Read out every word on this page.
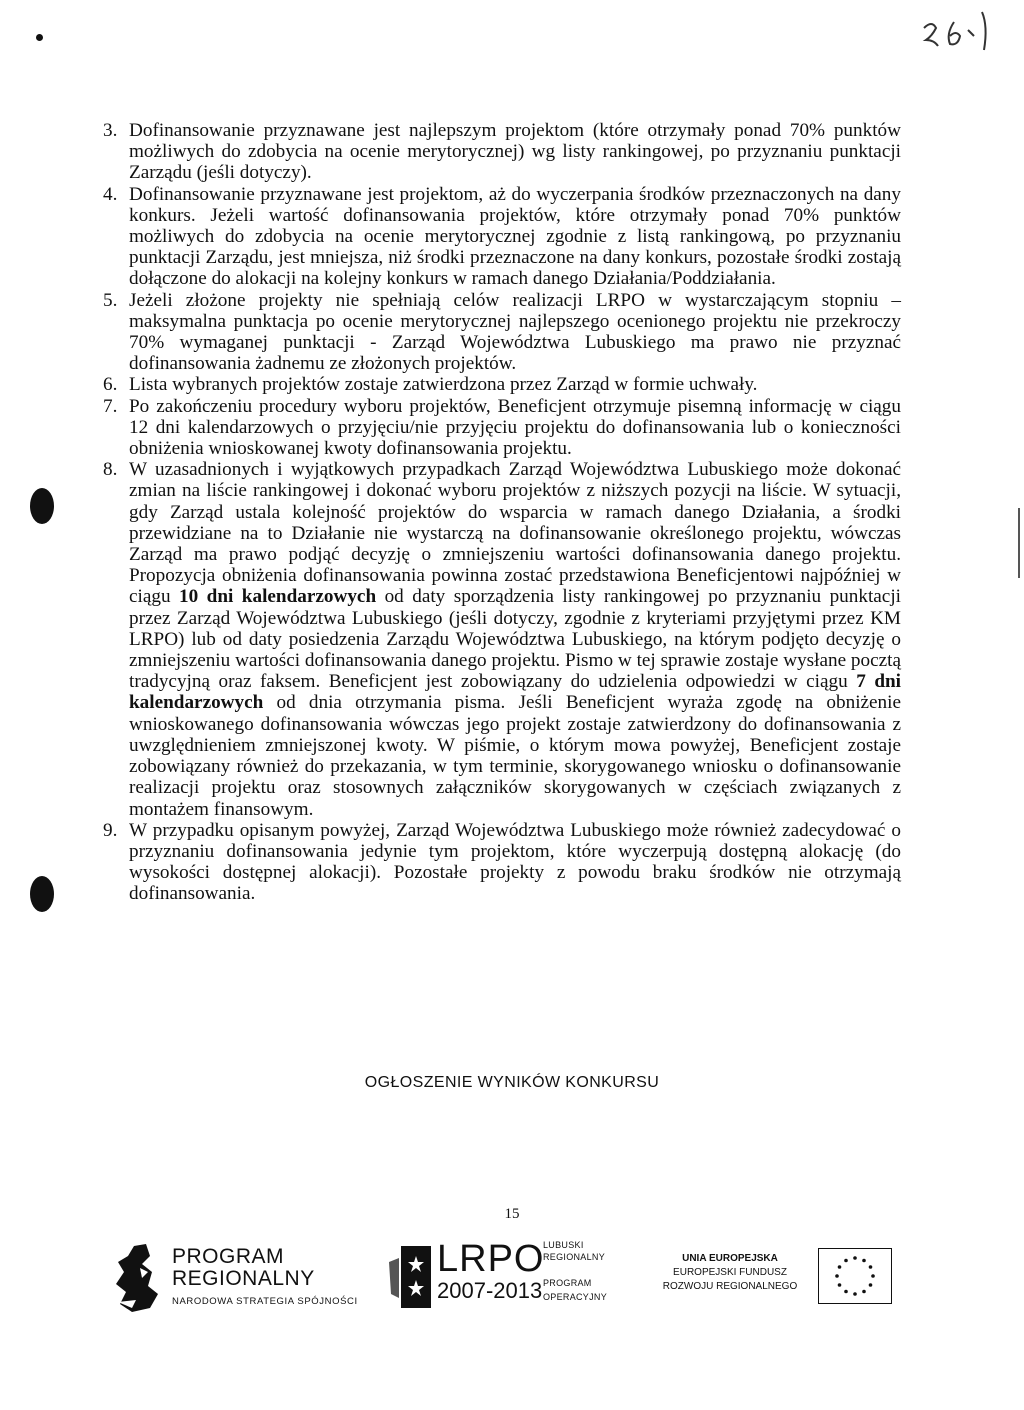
3. Dofinansowanie przyznawane jest najlepszym projektom (które otrzymały ponad 70% punktów możliwych do zdobycia na ocenie merytorycznej) wg listy rankingowej, po przyznaniu punktacji Zarządu (jeśli dotyczy).
4. Dofinansowanie przyznawane jest projektom, aż do wyczerpania środków przeznaczonych na dany konkurs. Jeżeli wartość dofinansowania projektów, które otrzymały ponad 70% punktów możliwych do zdobycia na ocenie merytorycznej zgodnie z listą rankingową, po przyznaniu punktacji Zarządu, jest mniejsza, niż środki przeznaczone na dany konkurs, pozostałe środki zostają dołączone do alokacji na kolejny konkurs w ramach danego Działania/Poddziałania.
5. Jeżeli złożone projekty nie spełniają celów realizacji LRPO w wystarczającym stopniu – maksymalna punktacja po ocenie merytorycznej najlepszego ocenionego projektu nie przekroczy 70% wymaganej punktacji - Zarząd Województwa Lubuskiego ma prawo nie przyznać dofinansowania żadnemu ze złożonych projektów.
6. Lista wybranych projektów zostaje zatwierdzona przez Zarząd w formie uchwały.
7. Po zakończeniu procedury wyboru projektów, Beneficjent otrzymuje pisemną informację w ciągu 12 dni kalendarzowych o przyjęciu/nie przyjęciu projektu do dofinansowania lub o konieczności obniżenia wnioskowanej kwoty dofinansowania projektu.
8. W uzasadnionych i wyjątkowych przypadkach Zarząd Województwa Lubuskiego może dokonać zmian na liście rankingowej i dokonać wyboru projektów z niższych pozycji na liście. W sytuacji, gdy Zarząd ustala kolejność projektów do wsparcia w ramach danego Działania, a środki przewidziane na to Działanie nie wystarczą na dofinansowanie określonego projektu, wówczas Zarząd ma prawo podjąć decyzję o zmniejszeniu wartości dofinansowania danego projektu. Propozycja obniżenia dofinansowania powinna zostać przedstawiona Beneficjentowi najpóźniej w ciągu 10 dni kalendarzowych od daty sporządzenia listy rankingowej po przyznaniu punktacji przez Zarząd Województwa Lubuskiego (jeśli dotyczy, zgodnie z kryteriami przyjętymi przez KM LRPO) lub od daty posiedzenia Zarządu Województwa Lubuskiego, na którym podjęto decyzję o zmniejszeniu wartości dofinansowania danego projektu. Pismo w tej sprawie zostaje wysłane pocztą tradycyjną oraz faksem. Beneficjent jest zobowiązany do udzielenia odpowiedzi w ciągu 7 dni kalendarzowych od dnia otrzymania pisma. Jeśli Beneficjent wyraża zgodę na obniżenie wnioskowanego dofinansowania wówczas jego projekt zostaje zatwierdzony do dofinansowania z uwzględnieniem zmniejszonej kwoty. W piśmie, o którym mowa powyżej, Beneficjent zostaje zobowiązany również do przekazania, w tym terminie, skorygowanego wniosku o dofinansowanie realizacji projektu oraz stosownych załączników skorygowanych w częściach związanych z montażem finansowym.
9. W przypadku opisanym powyżej, Zarząd Województwa Lubuskiego może również zadecydować o przyznaniu dofinansowania jedynie tym projektom, które wyczerpują dostępną alokację (do wysokości dostępnej alokacji). Pozostałe projekty z powodu braku środków nie otrzymają dofinansowania.
OGŁOSZENIE WYNIKÓW KONKURSU
15
PROGRAM
REGIONALNY
NARODOWA STRATEGIA SPÓJNOŚCI
LRPO
2007-2013
LUBUSKI
REGIONALNY
PROGRAM
OPERACYJNY
UNIA EUROPEJSKA
EUROPEJSKI FUNDUSZ
ROZWOJU REGIONALNEGO
